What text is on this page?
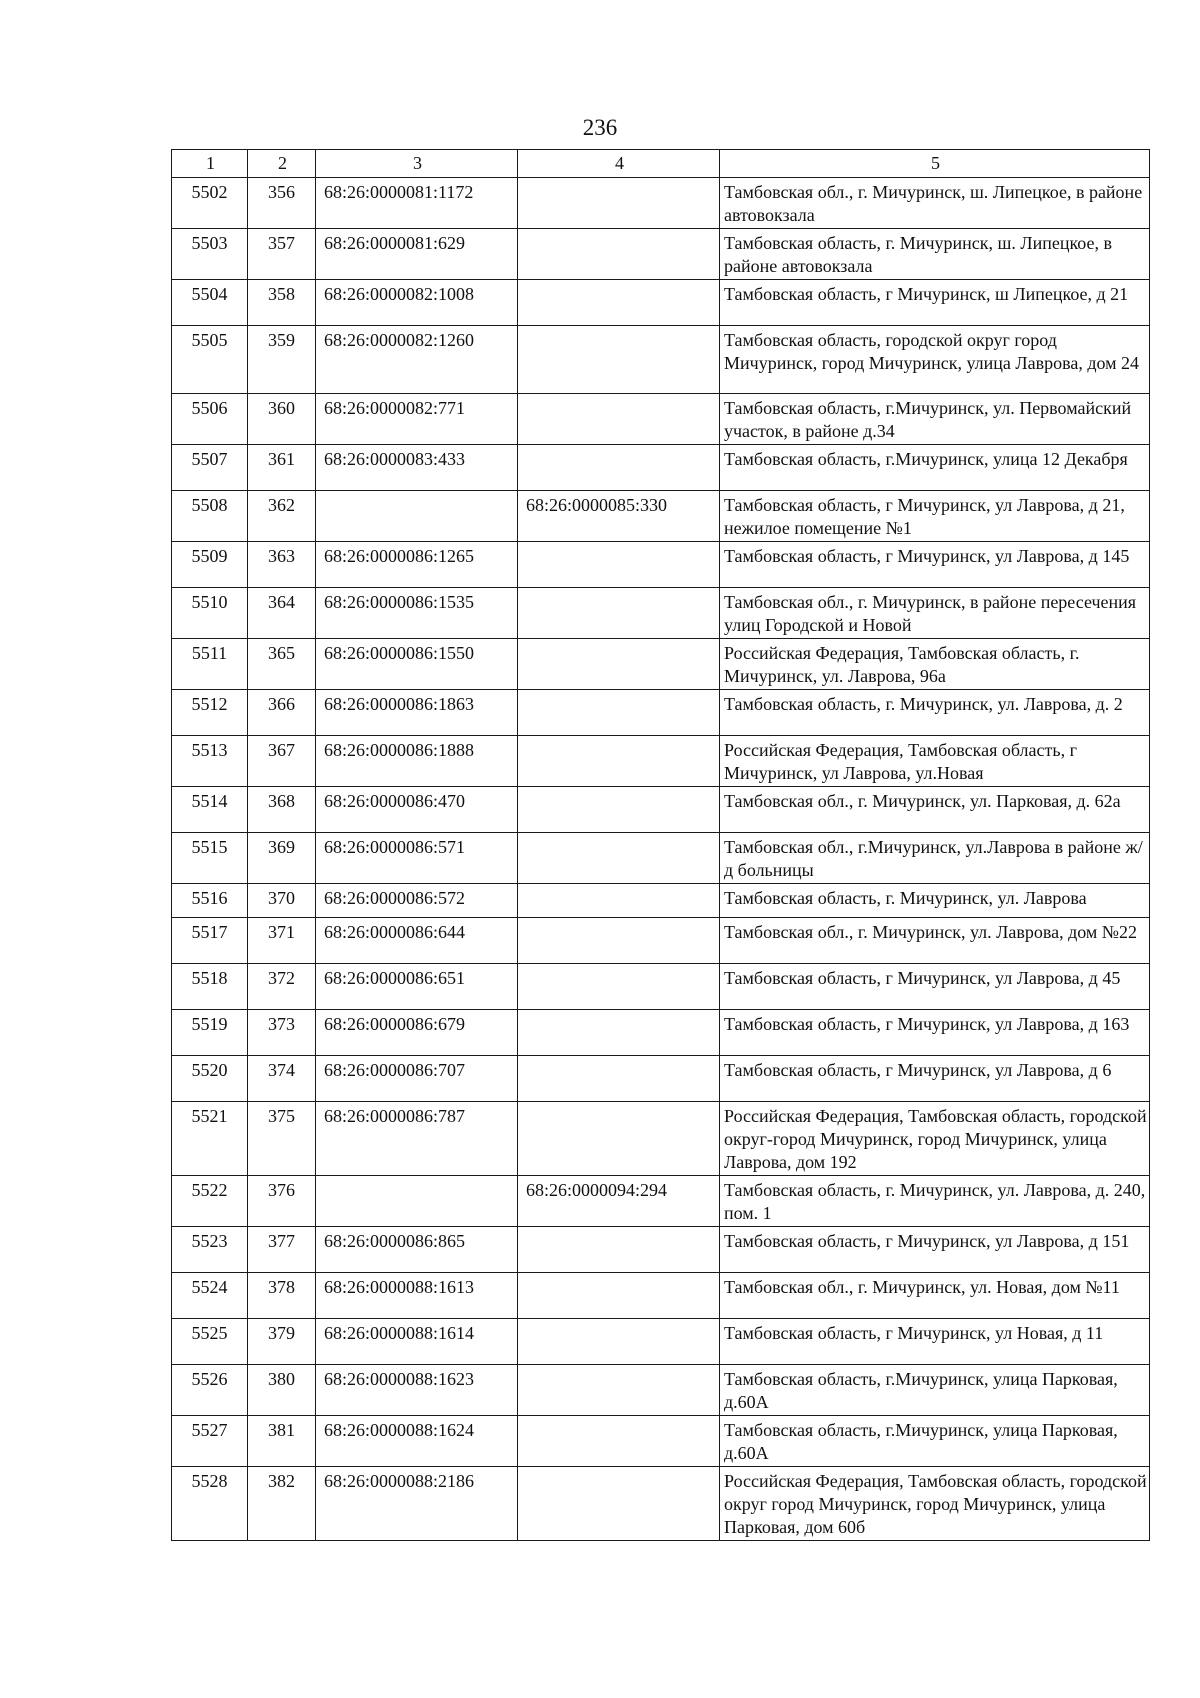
236
1	2	3	4	5
5502	356	68:26:0000081:1172		Тамбовская обл., г. Мичуринск, ш. Липецкое, в районе автовокзала
5503	357	68:26:0000081:629		Тамбовская область, г. Мичуринск, ш. Липецкое, в районе автовокзала
5504	358	68:26:0000082:1008		Тамбовская область, г Мичуринск, ш Липецкое, д 21
5505	359	68:26:0000082:1260		Тамбовская область, городской округ город Мичуринск, город Мичуринск, улица Лаврова, дом 24
5506	360	68:26:0000082:771		Тамбовская область, г.Мичуринск, ул. Первомайский участок, в районе д.34
5507	361	68:26:0000083:433		Тамбовская область, г.Мичуринск, улица 12 Декабря
5508	362		68:26:0000085:330	Тамбовская область, г Мичуринск, ул Лаврова, д 21, нежилое помещение №1
5509	363	68:26:0000086:1265		Тамбовская область, г Мичуринск, ул Лаврова, д 145
5510	364	68:26:0000086:1535		Тамбовская обл., г. Мичуринск, в районе пересечения улиц Городской и Новой
5511	365	68:26:0000086:1550		Российская Федерация, Тамбовская область, г. Мичуринск, ул. Лаврова, 96а
5512	366	68:26:0000086:1863		Тамбовская область, г. Мичуринск, ул. Лаврова, д. 2
5513	367	68:26:0000086:1888		Российская Федерация, Тамбовская область, г Мичуринск, ул Лаврова, ул.Новая
5514	368	68:26:0000086:470		Тамбовская обл., г. Мичуринск, ул. Парковая, д. 62а
5515	369	68:26:0000086:571		Тамбовская обл., г.Мичуринск, ул.Лаврова в районе ж/д больницы
5516	370	68:26:0000086:572		Тамбовская область, г. Мичуринск, ул. Лаврова
5517	371	68:26:0000086:644		Тамбовская обл., г. Мичуринск, ул. Лаврова, дом №22
5518	372	68:26:0000086:651		Тамбовская область, г Мичуринск, ул Лаврова, д 45
5519	373	68:26:0000086:679		Тамбовская область, г Мичуринск, ул Лаврова, д 163
5520	374	68:26:0000086:707		Тамбовская область, г Мичуринск, ул Лаврова, д 6
5521	375	68:26:0000086:787		Российская Федерация, Тамбовская область, городской округ-город Мичуринск, город Мичуринск, улица Лаврова, дом 192
5522	376		68:26:0000094:294	Тамбовская область, г. Мичуринск, ул. Лаврова, д. 240, пом. 1
5523	377	68:26:0000086:865		Тамбовская область, г Мичуринск, ул Лаврова, д 151
5524	378	68:26:0000088:1613		Тамбовская обл., г. Мичуринск, ул. Новая, дом №11
5525	379	68:26:0000088:1614		Тамбовская область, г Мичуринск, ул Новая, д 11
5526	380	68:26:0000088:1623		Тамбовская область, г.Мичуринск, улица Парковая, д.60А
5527	381	68:26:0000088:1624		Тамбовская область, г.Мичуринск, улица Парковая, д.60А
5528	382	68:26:0000088:2186		Российская Федерация, Тамбовская область, городской округ город Мичуринск, город Мичуринск, улица Парковая, дом 60б
